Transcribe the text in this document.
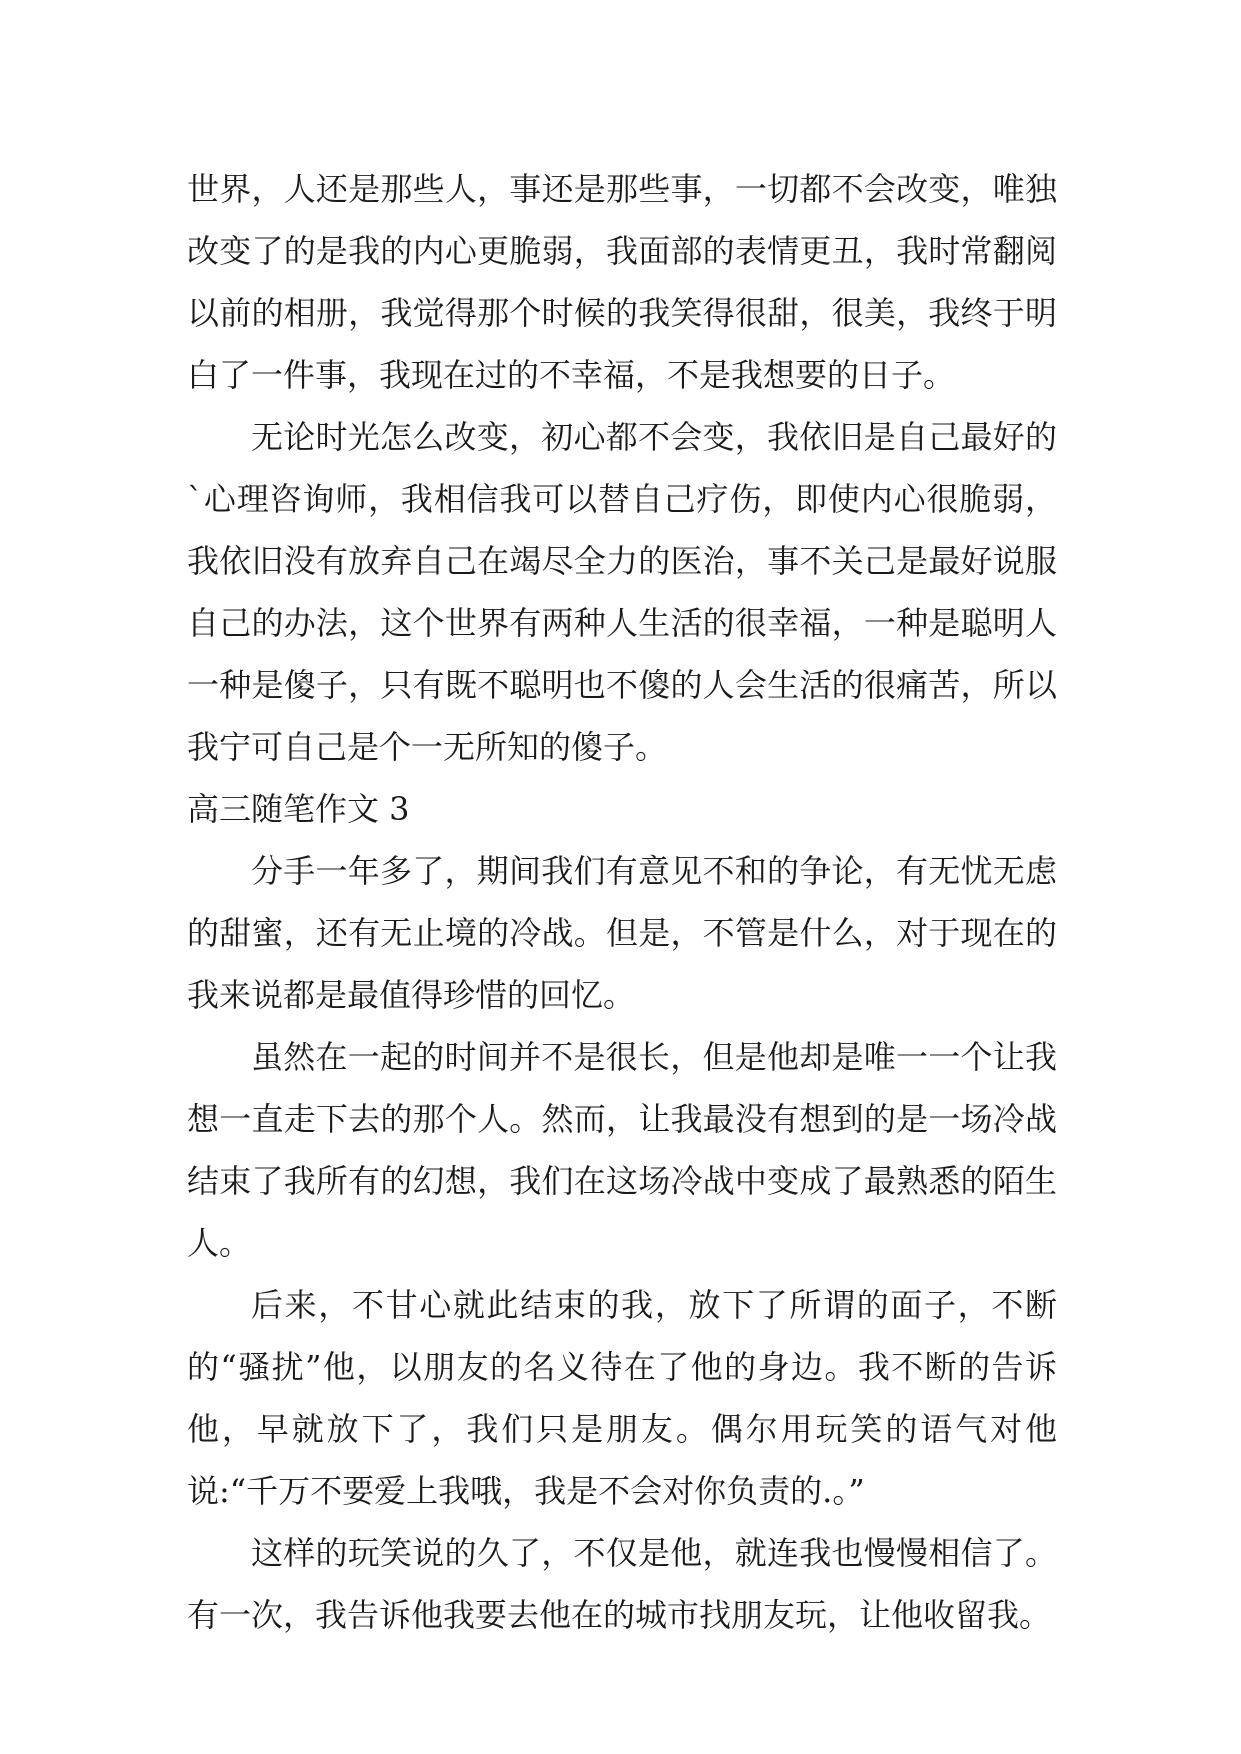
世界，人还是那些人，事还是那些事，一切都不会改变，唯独改变了的是我的内心更脆弱，我面部的表情更丑，我时常翻阅以前的相册，我觉得那个时候的我笑得很甜，很美，我终于明白了一件事，我现在过的不幸福，不是我想要的日子。

无论时光怎么改变，初心都不会变，我依旧是自己最好的`心理咨询师，我相信我可以替自己疗伤，即使内心很脆弱，我依旧没有放弃自己在竭尽全力的医治，事不关己是最好说服自己的办法，这个世界有两种人生活的很幸福，一种是聪明人一种是傻子，只有既不聪明也不傻的人会生活的很痛苦，所以我宁可自己是个一无所知的傻子。

高三随笔作文 3

分手一年多了，期间我们有意见不和的争论，有无忧无虑的甜蜜，还有无止境的冷战。但是，不管是什么，对于现在的我来说都是最值得珍惜的回忆。

虽然在一起的时间并不是很长，但是他却是唯一一个让我想一直走下去的那个人。然而，让我最没有想到的是一场冷战结束了我所有的幻想，我们在这场冷战中变成了最熟悉的陌生人。

后来，不甘心就此结束的我，放下了所谓的面子，不断的“骚扰”他，以朋友的名义待在了他的身边。我不断的告诉他，早就放下了，我们只是朋友。偶尔用玩笑的语气对他说:“千万不要爱上我哦，我是不会对你负责的.。”

这样的玩笑说的久了，不仅是他，就连我也慢慢相信了。有一次，我告诉他我要去他在的城市找朋友玩，让他收留我。
